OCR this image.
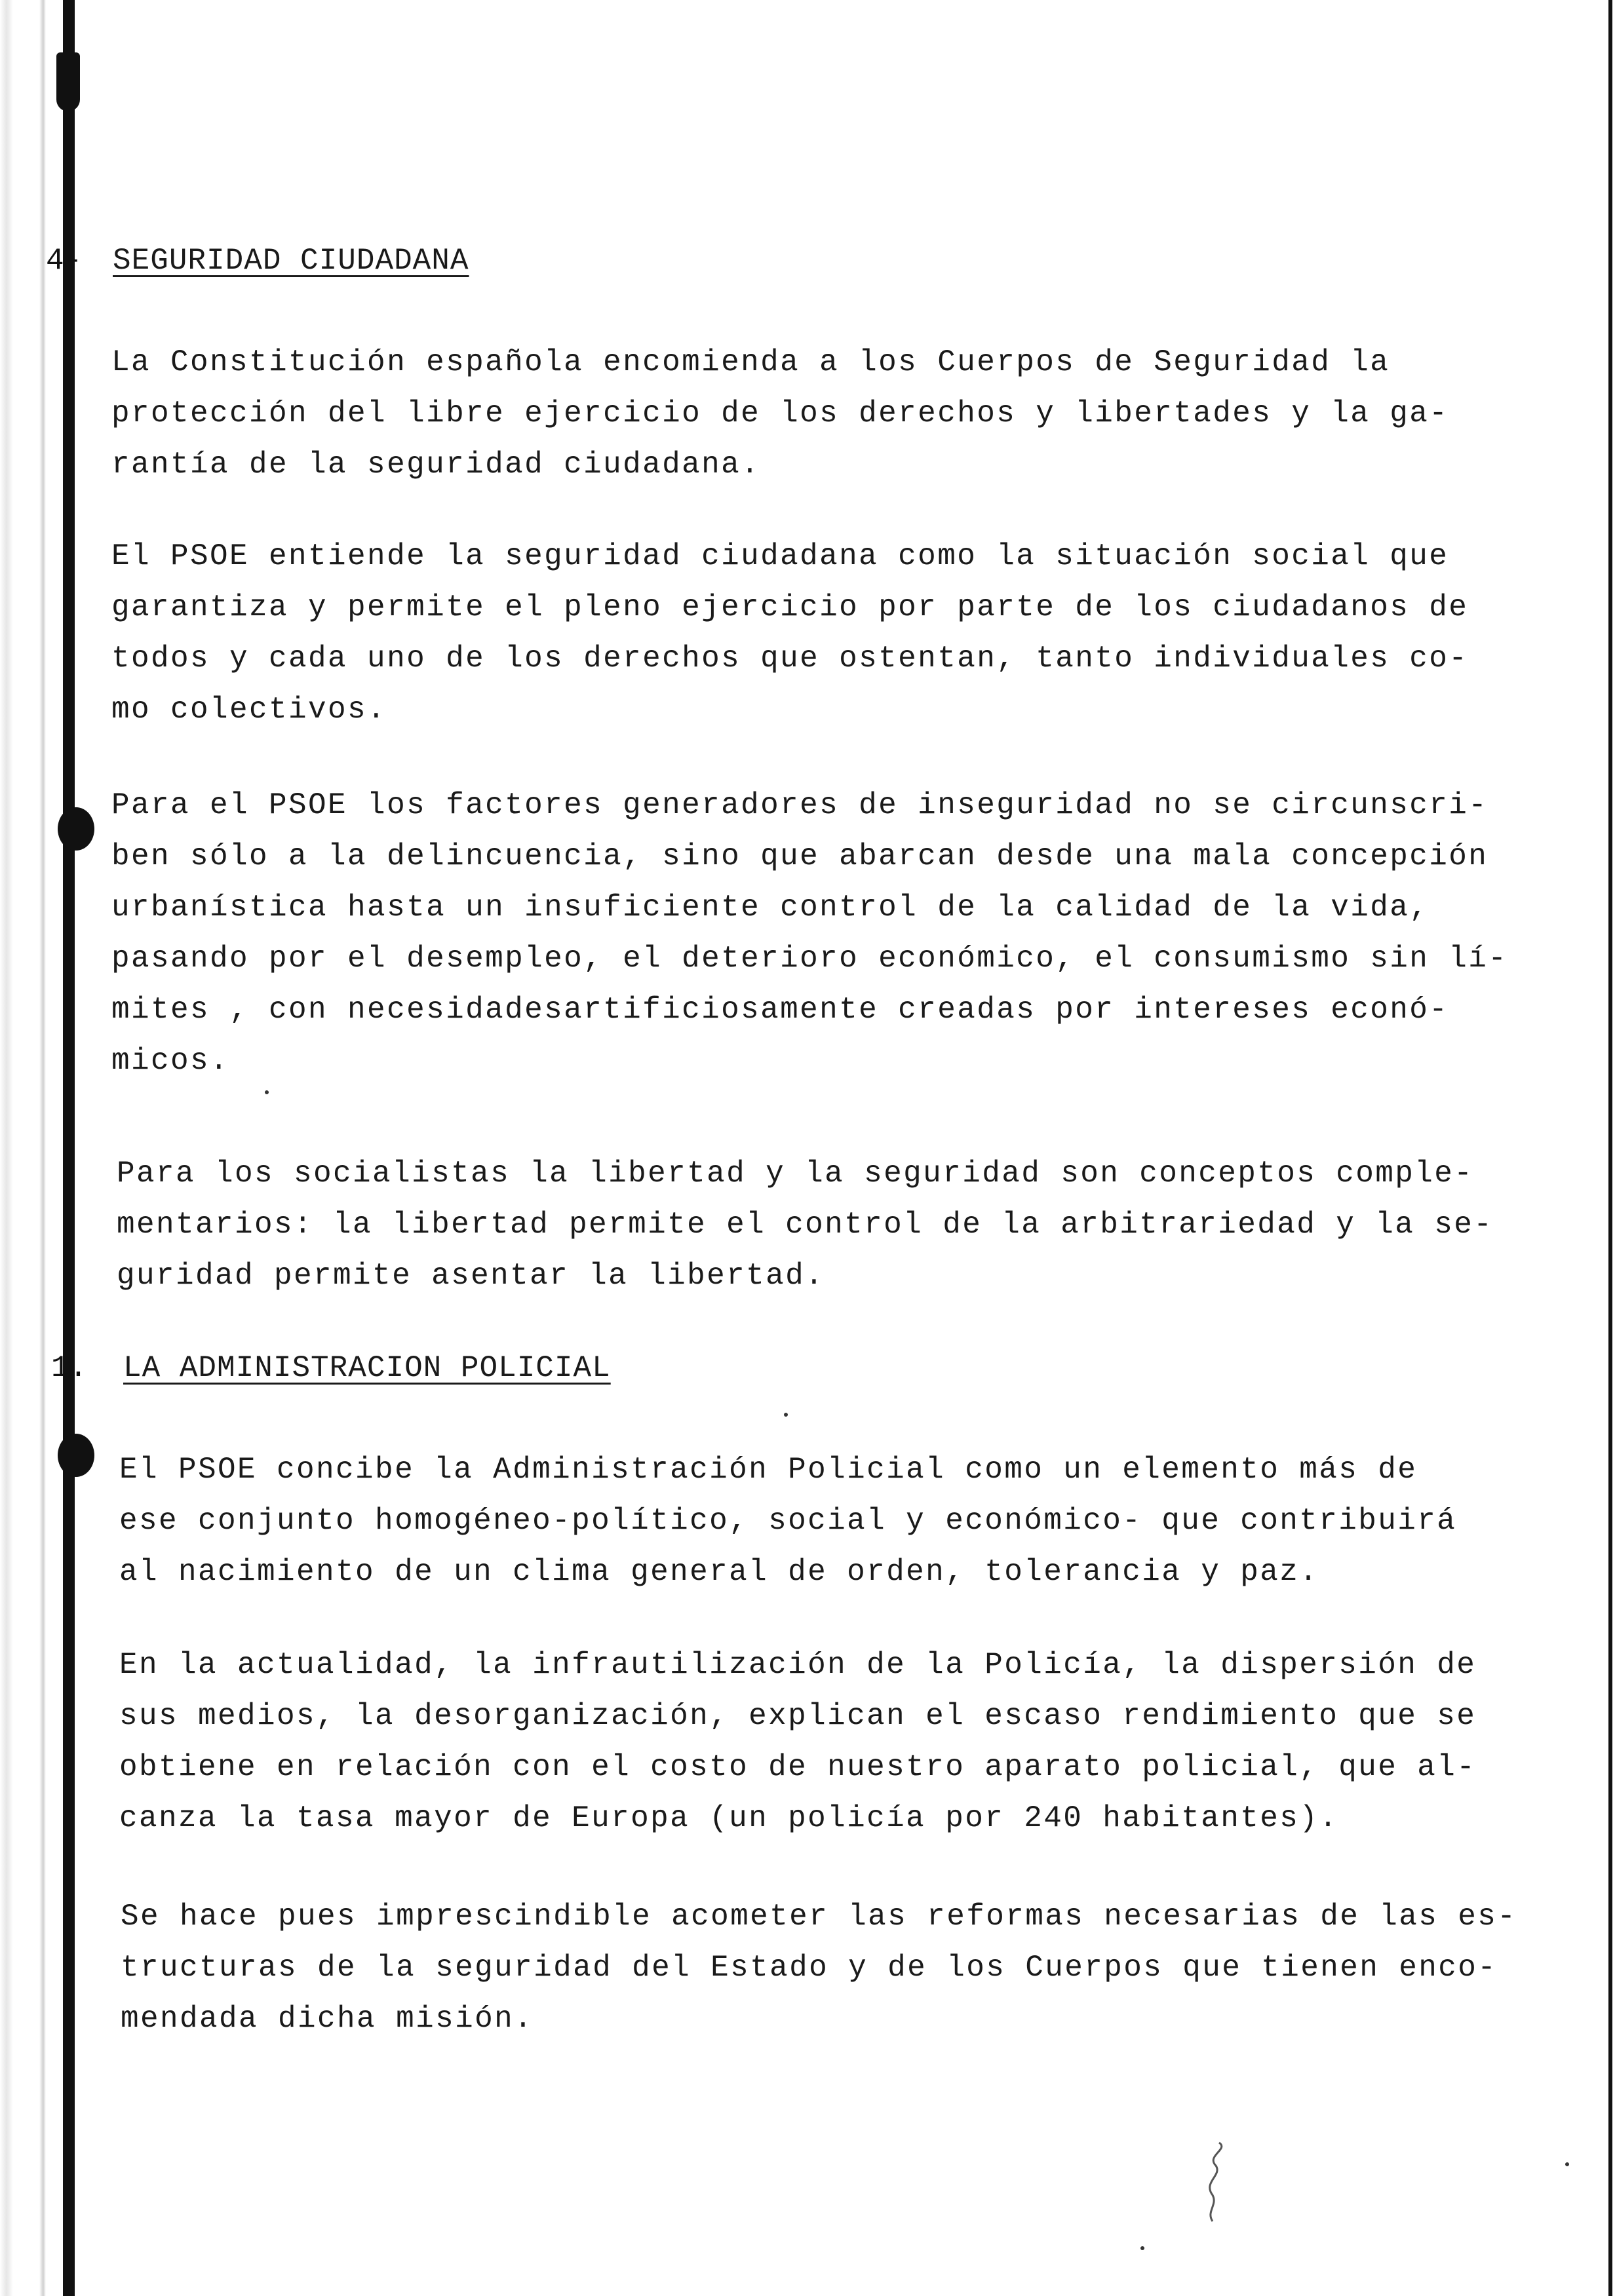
4- SEGURIDAD CIUDADANA
La Constitución española encomienda a los Cuerpos de Seguridad la
protección del libre ejercicio de los derechos y libertades y la ga-
rantía de la seguridad ciudadana.
El PSOE entiende la seguridad ciudadana como la situación social que
garantiza y permite el pleno ejercicio por parte de los ciudadanos de
todos y cada uno de los derechos que ostentan, tanto individuales co-
mo colectivos.
Para el PSOE los factores generadores de inseguridad no se circunscri-
ben sólo a la delincuencia, sino que abarcan desde una mala concepción
urbanística hasta un insuficiente control de la calidad de la vida,
pasando por el desempleo, el deterioro económico, el consumismo sin lí-
mites , con necesidadesartificiosamente creadas por intereses econó-
micos.
Para los socialistas la libertad y la seguridad son conceptos comple-
mentarios: la libertad permite el control de la arbitrariedad y la se-
guridad permite asentar la libertad.
1. LA ADMINISTRACION POLICIAL
El PSOE concibe la Administración Policial como un elemento más de
ese conjunto homogéneo-político, social y económico- que contribuirá
al nacimiento de un clima general de orden, tolerancia y paz.
En la actualidad, la infrautilización de la Policía, la dispersión de
sus medios, la desorganización, explican el escaso rendimiento que se
obtiene en relación con el costo de nuestro aparato policial, que al-
canza la tasa mayor de Europa (un policía por 240 habitantes).
Se hace pues imprescindible acometer las reformas necesarias de las es-
tructuras de la seguridad del Estado y de los Cuerpos que tienen enco-
mendada dicha misión.
